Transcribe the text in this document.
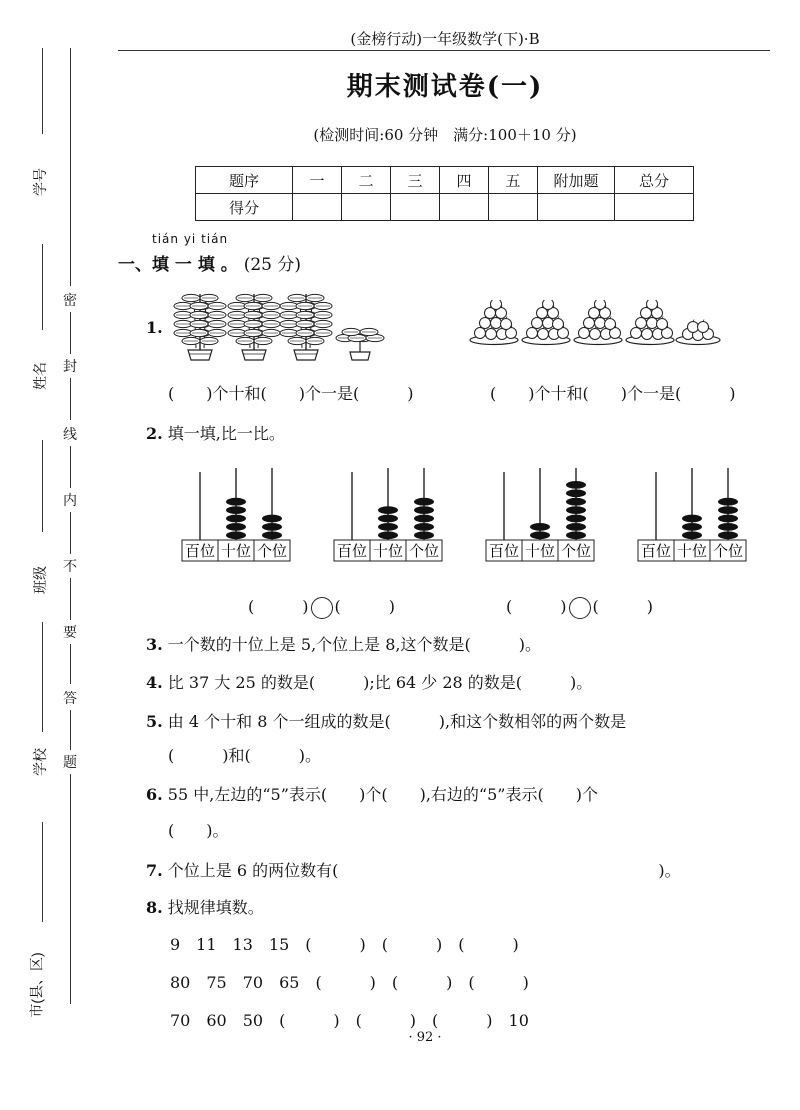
(金榜行动)一年级数学(下)·B
期末测试卷(一)
(检测时间:60 分钟　满分:100＋10 分)
题序	一	二	三	四	五	附加题	总分
得分							
学号
姓名
班级
学校
市(县、区)
密
封
线
内
不
要
答
题
tián yi tián
一、填 一 填 。 (25 分)
1.
(　　)个十和(　　)个一是(　　　)	(　　)个十和(　　)个一是(　　　)
2. 填一填,比一比。
百位 十位 个位	百位 十位 个位	百位 十位 个位	百位 十位 个位
(　　　) (　　　)	(　　　) (　　　)
3. 一个数的十位上是 5,个位上是 8,这个数是(　　　)。
4. 比 37 大 25 的数是(　　　);比 64 少 28 的数是(　　　)。
5. 由 4 个十和 8 个一组成的数是(　　　),和这个数相邻的两个数是
(　　　)和(　　　)。
6. 55 中,左边的“5”表示(　　)个(　　),右边的“5”表示(　　)个
(　　)。
7. 个位上是 6 的两位数有(　　　　　　　　　　　　　　　　　　　　)。
8. 找规律填数。
9　11　13　15　(　　　)　(　　　)　(　　　)
80　75　70　65　(　　　)　(　　　)　(　　　)
70　60　50　(　　　)　(　　　)　(　　　)　10
· 92 ·
